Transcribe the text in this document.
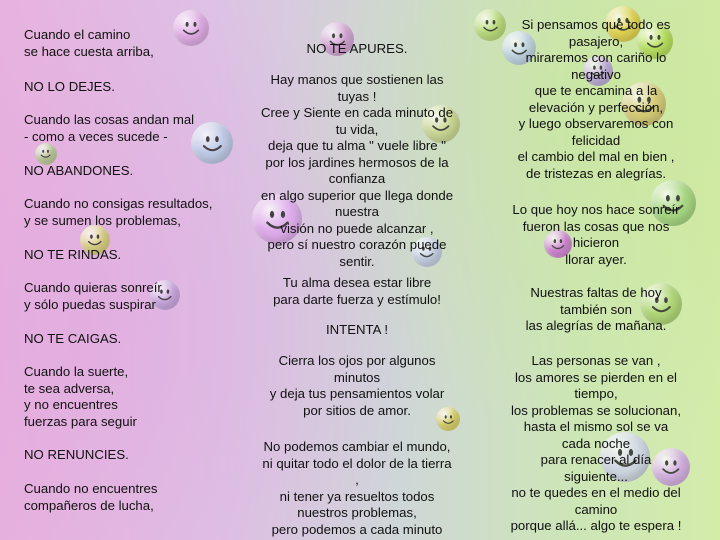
Cuando el camino
se hace cuesta arriba,
NO LO DEJES.
Cuando las cosas andan mal
- como a veces sucede -
NO ABANDONES.
Cuando no consigas resultados,
y se sumen los problemas,
NO TE RINDAS.
Cuando quieras sonreír
y sólo puedas suspirar
NO TE CAIGAS.
Cuando la suerte,
te sea adversa,
y no encuentres
fuerzas para seguir
NO RENUNCIES.
Cuando no encuentres
compañeros de lucha,
NO TE APURES.
Hay manos que sostienen las
tuyas !
Cree y Siente en cada minuto de
tu vida,
deja que tu alma " vuele libre "
por los jardines hermosos de la
confianza
en algo superior que llega donde
nuestra
visión no puede alcanzar ,
pero sí nuestro corazón puede
sentir.
Tu alma desea estar libre
para darte fuerza y estímulo!
INTENTA !
Cierra los ojos por algunos
minutos
y deja tus pensamientos volar
por sitios de amor.
No podemos cambiar el mundo,
ni quitar todo el dolor de la tierra
,
ni tener ya resueltos todos
nuestros problemas,
pero podemos a cada minuto
Si pensamos que todo es
pasajero,
miraremos con cariño lo
negativo
que te encamina a la
elevación y perfección,
y luego observaremos con
felicidad
el cambio del mal en bien ,
de tristezas en alegrías.
Lo que hoy nos hace sonreír
fueron las cosas que nos
hicieron
llorar ayer.
Nuestras faltas de hoy
también son
las alegrías de mañana.
Las personas se van ,
los amores se pierden en el
tiempo,
los problemas se solucionan,
hasta el mismo sol se va
cada noche
para renacer al día
siguiente...
no te quedes en el medio del
camino
porque allá... algo te espera !
